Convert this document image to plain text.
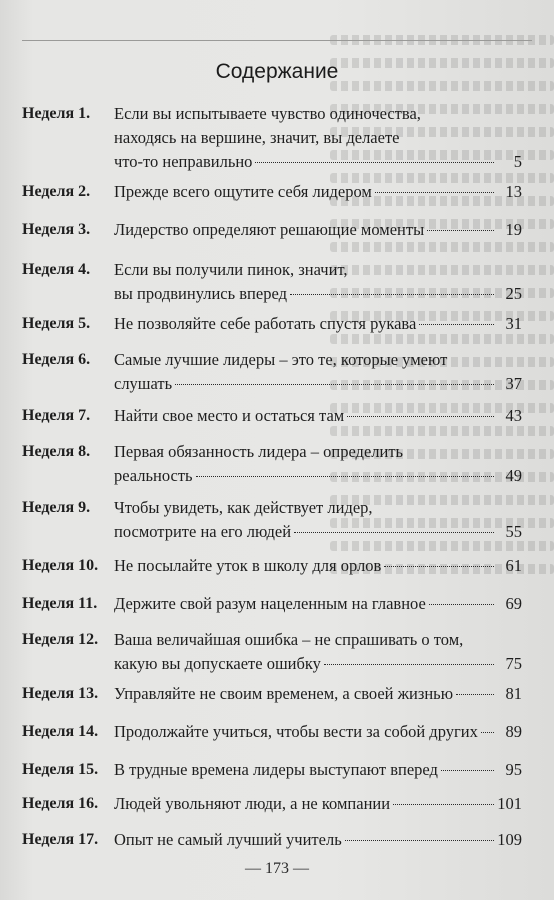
Содержание
Неделя 1.	Если вы испытываете чувство одиночества,
находясь на вершине, значит, вы делаете
что-то неправильно	5
Неделя 2.	Прежде всего ощутите себя лидером	13
Неделя 3.	Лидерство определяют решающие моменты	19
Неделя 4.	Если вы получили пинок, значит,
вы продвинулись вперед	25
Неделя 5.	Не позволяйте себе работать спустя рукава	31
Неделя 6.	Самые лучшие лидеры – это те, которые умеют
слушать	37
Неделя 7.	Найти свое место и остаться там	43
Неделя 8.	Первая обязанность лидера – определить
реальность	49
Неделя 9.	Чтобы увидеть, как действует лидер,
посмотрите на его людей	55
Неделя 10. Не посылайте уток в школу для орлов	61
Неделя 11.	Держите свой разум нацеленным на главное	69
Неделя 12. Ваша величайшая ошибка – не спрашивать о том,
какую вы допускаете ошибку	75
Неделя 13. Управляйте не своим временем, а своей жизнью	81
Неделя 14. Продолжайте учиться, чтобы вести за собой других	89
Неделя 15. В трудные времена лидеры выступают вперед	95
Неделя 16. Людей увольняют люди, а не компании	101
Неделя 17. Опыт не самый лучший учитель	109
— 173 —
